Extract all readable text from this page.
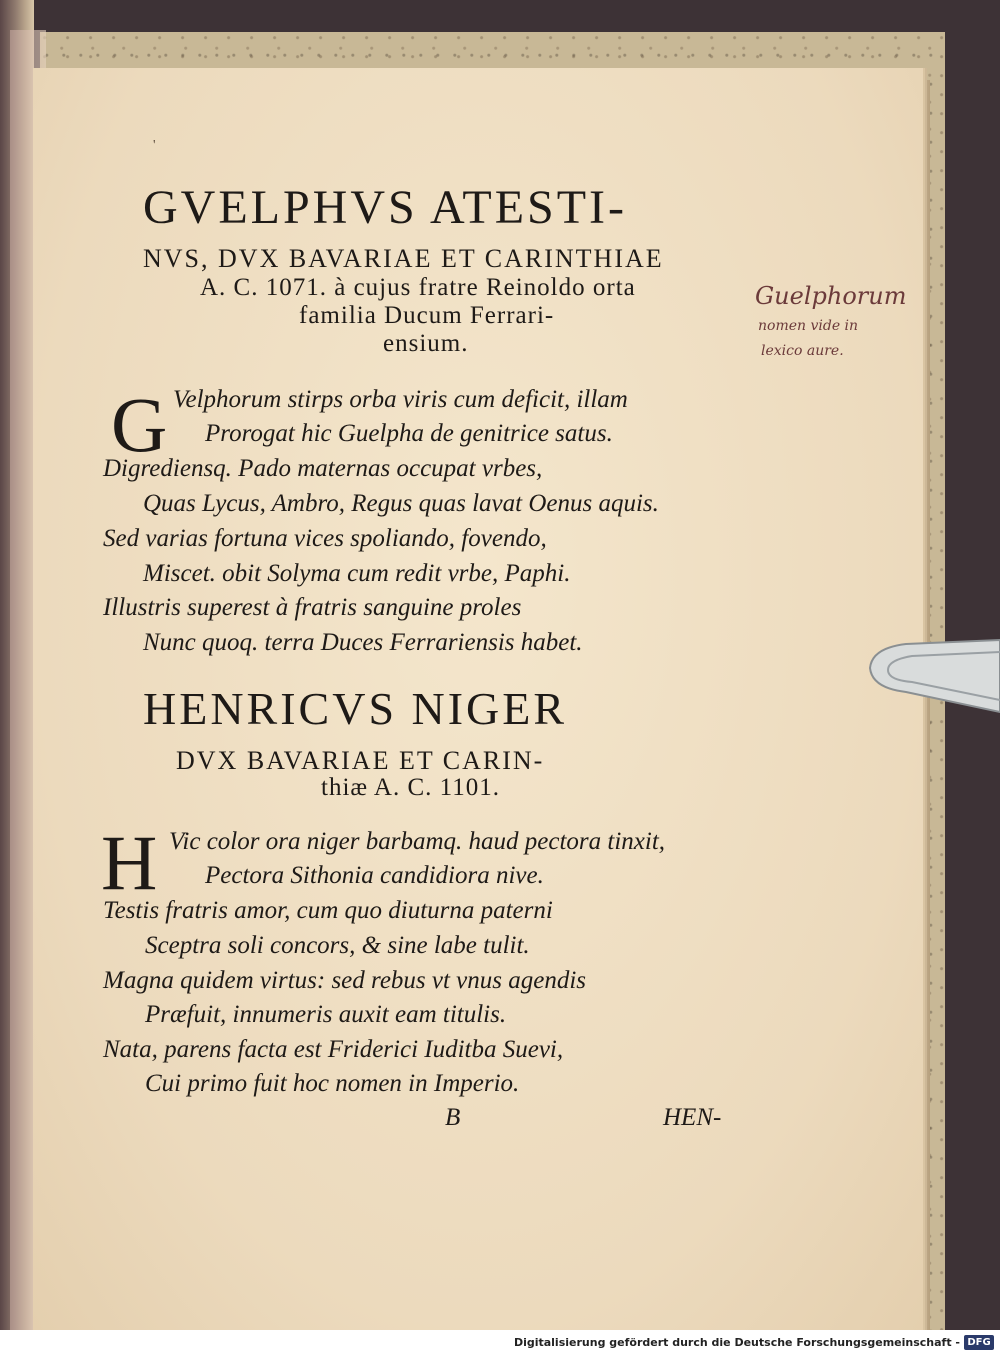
'
GVELPHVS ATESTI-
NVS, DVX BAVARIAE ET CARINTHIAE
A. C. 1071. à cujus fratre Reinoldo orta
familia Ducum Ferrari-
ensium.
Guelphorum
nomen vide in
lexico aure.
G Velphorum stirps orba viris cum deficit, illam
Prorogat hic Guelpha de genitrice satus.
Digrediensq. Pado maternas occupat vrbes,
Quas Lycus, Ambro, Regus quas lavat Oenus aquis.
Sed varias fortuna vices spoliando, fovendo,
Miscet. obit Solyma cum redit vrbe, Paphi.
Illustris superest à fratris sanguine proles
Nunc quoq. terra Duces Ferrariensis habet.
HENRICVS NIGER
DVX BAVARIAE ET CARIN-
thiæ A. C. 1101.
H Vic color ora niger barbamq. haud pectora tinxit,
Pectora Sithonia candidiora nive.
Testis fratris amor, cum quo diuturna paterni
Sceptra soli concors, & sine labe tulit.
Magna quidem virtus: sed rebus vt vnus agendis
Præfuit, innumeris auxit eam titulis.
Nata, parens facta est Friderici Iuditba Suevi,
Cui primo fuit hoc nomen in Imperio.
B	HEN-
Digitalisierung gefördert durch die Deutsche Forschungsgemeinschaft - DFG
